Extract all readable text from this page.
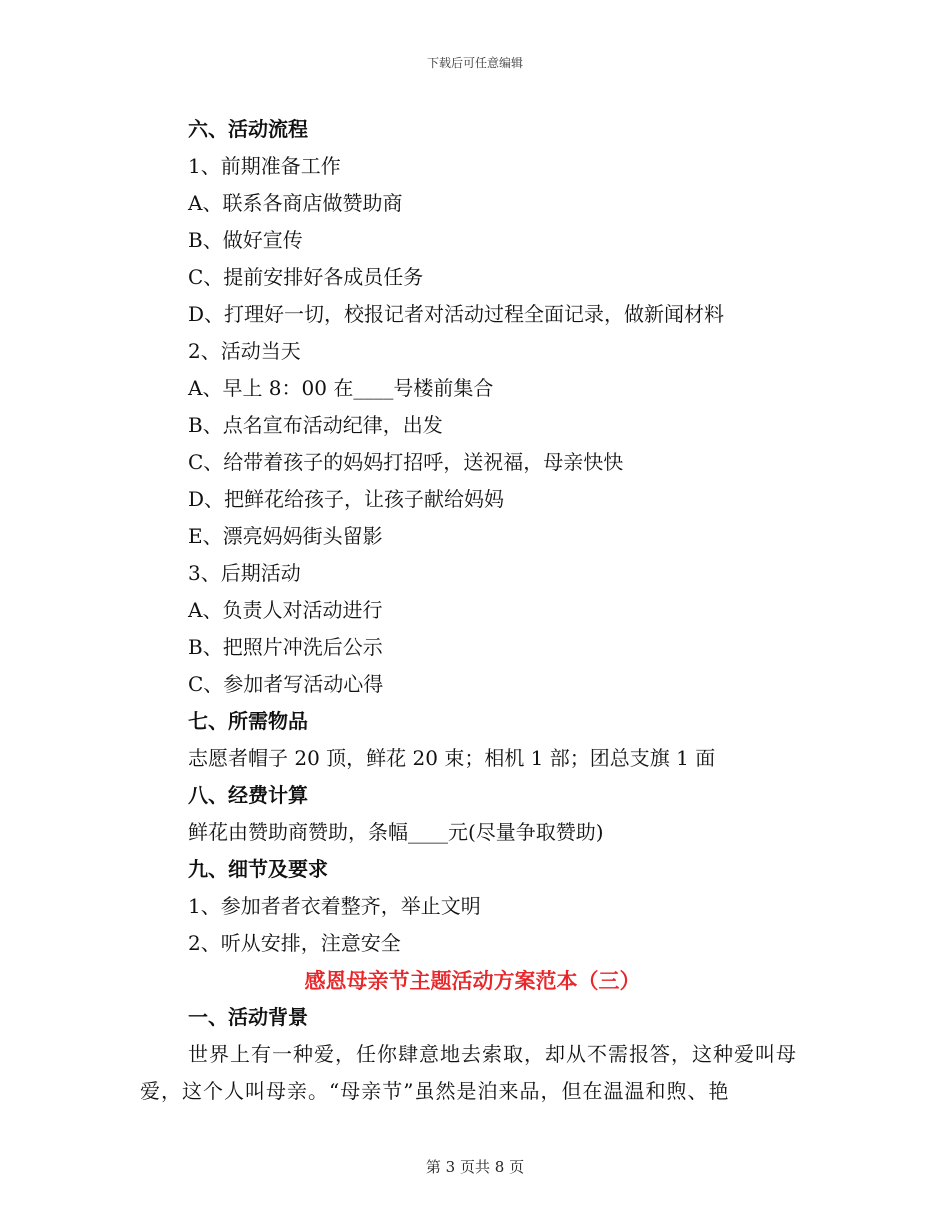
下载后可任意编辑
六、活动流程
1、前期准备工作
A、联系各商店做赞助商
B、做好宣传
C、提前安排好各成员任务
D、打理好一切，校报记者对活动过程全面记录，做新闻材料
2、活动当天
A、早上 8：00 在____号楼前集合
B、点名宣布活动纪律，出发
C、给带着孩子的妈妈打招呼，送祝福，母亲快快
D、把鲜花给孩子，让孩子献给妈妈
E、漂亮妈妈街头留影
3、后期活动
A、负责人对活动进行
B、把照片冲洗后公示
C、参加者写活动心得
七、所需物品
志愿者帽子 20 顶，鲜花 20 束；相机 1 部；团总支旗 1 面
八、经费计算
鲜花由赞助商赞助，条幅____元(尽量争取赞助)
九、细节及要求
1、参加者者衣着整齐，举止文明
2、听从安排，注意安全
感恩母亲节主题活动方案范本（三）
一、活动背景
世界上有一种爱，任你肆意地去索取，却从不需报答，这种爱叫母爱，这个人叫母亲。“母亲节”虽然是泊来品，但在温温和煦、艳
第 3 页共 8 页
